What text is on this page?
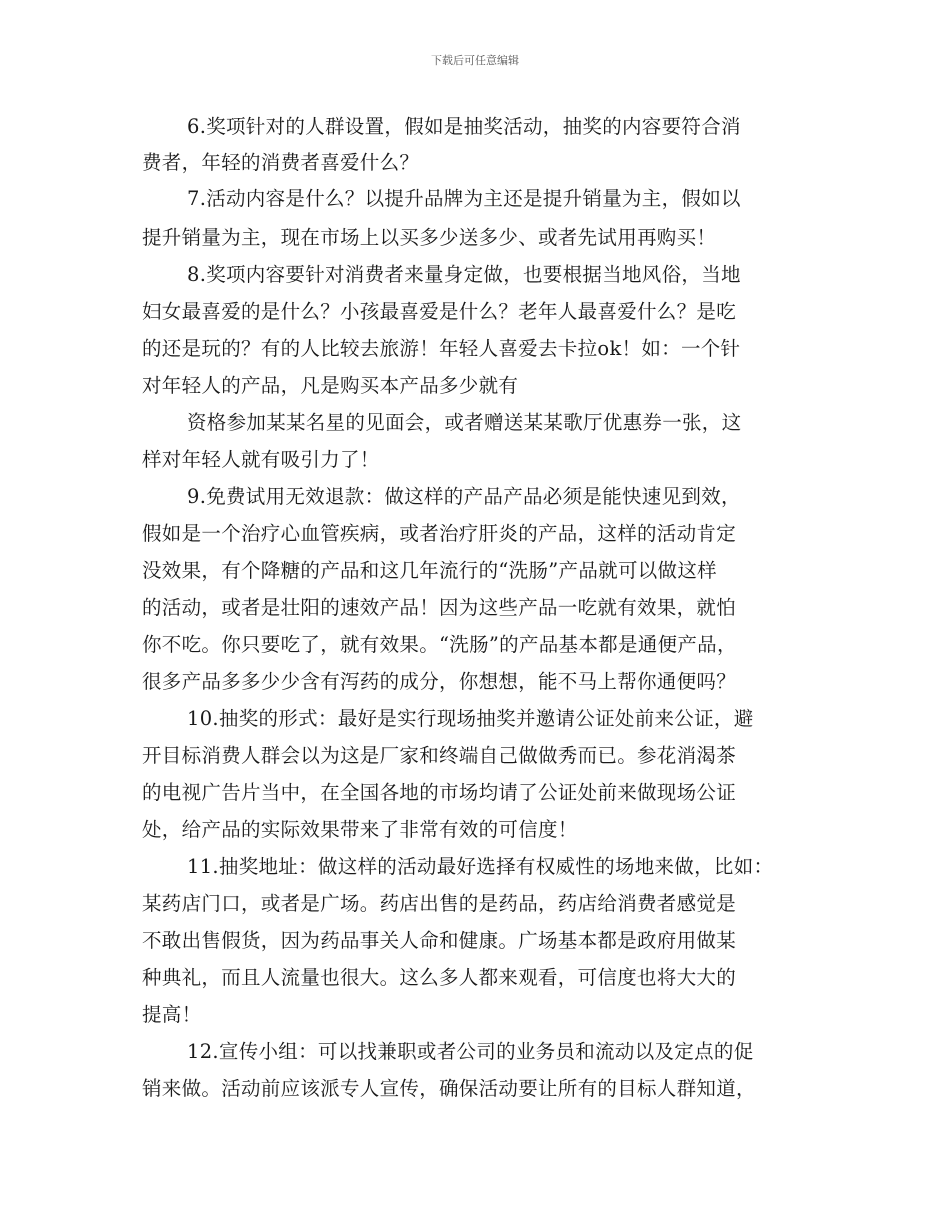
下载后可任意编辑
6.奖项针对的人群设置，假如是抽奖活动，抽奖的内容要符合消
费者，年轻的消费者喜爱什么？
7.活动内容是什么？以提升品牌为主还是提升销量为主，假如以
提升销量为主，现在市场上以买多少送多少、或者先试用再购买！
8.奖项内容要针对消费者来量身定做，也要根据当地风俗，当地
妇女最喜爱的是什么？小孩最喜爱是什么？老年人最喜爱什么？是吃
的还是玩的？有的人比较去旅游！年轻人喜爱去卡拉ok！如：一个针
对年轻人的产品，凡是购买本产品多少就有
资格参加某某名星的见面会，或者赠送某某歌厅优惠券一张，这
样对年轻人就有吸引力了！
9.免费试用无效退款：做这样的产品产品必须是能快速见到效，
假如是一个治疗心血管疾病，或者治疗肝炎的产品，这样的活动肯定
没效果，有个降糖的产品和这几年流行的“洗肠”产品就可以做这样
的活动，或者是壮阳的速效产品！因为这些产品一吃就有效果，就怕
你不吃。你只要吃了，就有效果。“洗肠”的产品基本都是通便产品，
很多产品多多少少含有泻药的成分，你想想，能不马上帮你通便吗？
10.抽奖的形式：最好是实行现场抽奖并邀请公证处前来公证，避
开目标消费人群会以为这是厂家和终端自己做做秀而已。参花消渴茶
的电视广告片当中，在全国各地的市场均请了公证处前来做现场公证
处，给产品的实际效果带来了非常有效的可信度！
11.抽奖地址：做这样的活动最好选择有权威性的场地来做，比如：
某药店门口，或者是广场。药店出售的是药品，药店给消费者感觉是
不敢出售假货，因为药品事关人命和健康。广场基本都是政府用做某
种典礼，而且人流量也很大。这么多人都来观看，可信度也将大大的
提高！
12.宣传小组：可以找兼职或者公司的业务员和流动以及定点的促
销来做。活动前应该派专人宣传，确保活动要让所有的目标人群知道，
